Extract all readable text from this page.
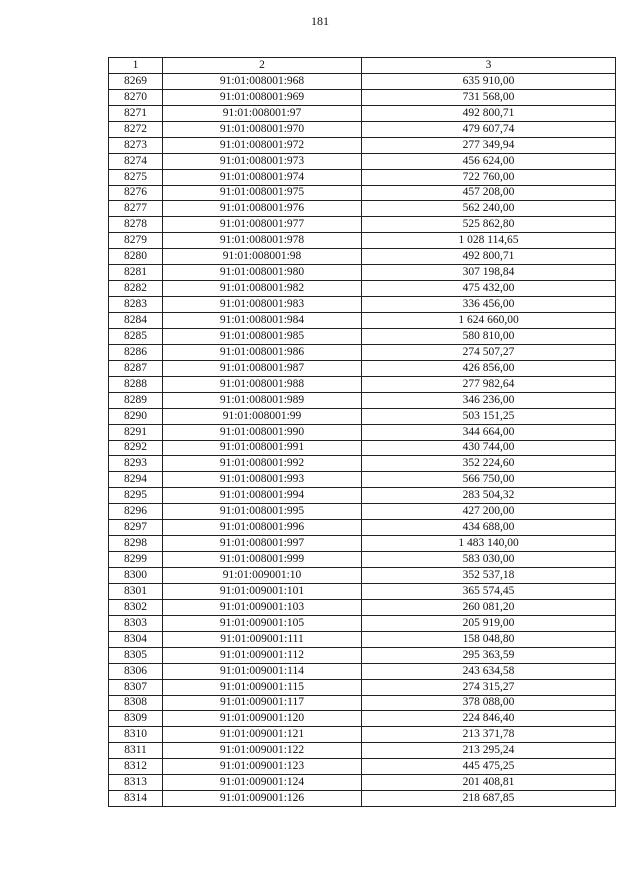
181
1	2	3
8269	91:01:008001:968	635 910,00
8270	91:01:008001:969	731 568,00
8271	91:01:008001:97	492 800,71
8272	91:01:008001:970	479 607,74
8273	91:01:008001:972	277 349,94
8274	91:01:008001:973	456 624,00
8275	91:01:008001:974	722 760,00
8276	91:01:008001:975	457 208,00
8277	91:01:008001:976	562 240,00
8278	91:01:008001:977	525 862,80
8279	91:01:008001:978	1 028 114,65
8280	91:01:008001:98	492 800,71
8281	91:01:008001:980	307 198,84
8282	91:01:008001:982	475 432,00
8283	91:01:008001:983	336 456,00
8284	91:01:008001:984	1 624 660,00
8285	91:01:008001:985	580 810,00
8286	91:01:008001:986	274 507,27
8287	91:01:008001:987	426 856,00
8288	91:01:008001:988	277 982,64
8289	91:01:008001:989	346 236,00
8290	91:01:008001:99	503 151,25
8291	91:01:008001:990	344 664,00
8292	91:01:008001:991	430 744,00
8293	91:01:008001:992	352 224,60
8294	91:01:008001:993	566 750,00
8295	91:01:008001:994	283 504,32
8296	91:01:008001:995	427 200,00
8297	91:01:008001:996	434 688,00
8298	91:01:008001:997	1 483 140,00
8299	91:01:008001:999	583 030,00
8300	91:01:009001:10	352 537,18
8301	91:01:009001:101	365 574,45
8302	91:01:009001:103	260 081,20
8303	91:01:009001:105	205 919,00
8304	91:01:009001:111	158 048,80
8305	91:01:009001:112	295 363,59
8306	91:01:009001:114	243 634,58
8307	91:01:009001:115	274 315,27
8308	91:01:009001:117	378 088,00
8309	91:01:009001:120	224 846,40
8310	91:01:009001:121	213 371,78
8311	91:01:009001:122	213 295,24
8312	91:01:009001:123	445 475,25
8313	91:01:009001:124	201 408,81
8314	91:01:009001:126	218 687,85
